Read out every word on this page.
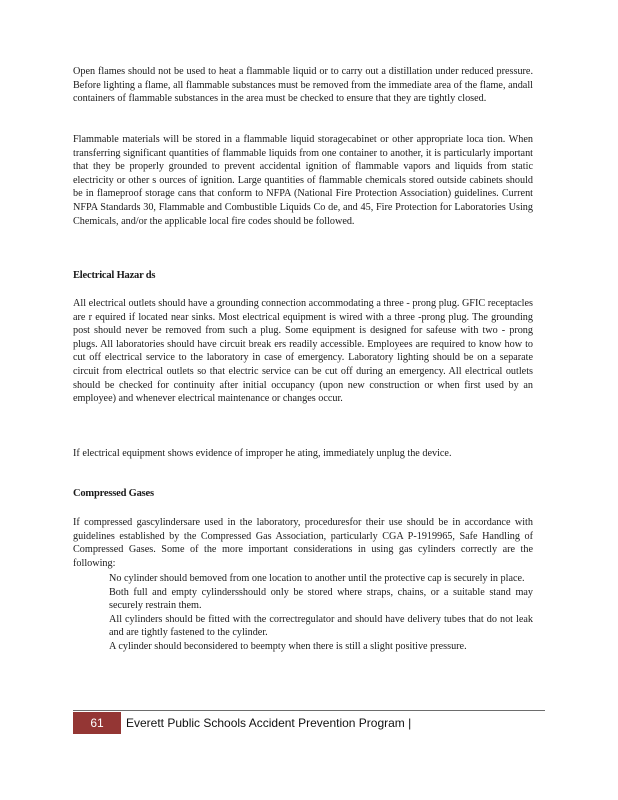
Open flames should not be used to heat a flammable liquid or to carry out a distillation under reduced pressure. Before lighting a flame, all flammable substances must be removed from the immediate area of the flame, andall containers of flammable substances in the area must be checked to ensure that they are tightly closed.

Flammable materials will be stored in a flammable liquid storagecabinet or other appropriate loca tion. When transferring significant quantities of flammable liquids from one container to another, it is particularly important that they be properly grounded to prevent accidental ignition of flammable vapors and liquids from static electricity or other s ources of ignition. Large quantities of flammable chemicals stored outside cabinets should be in flameproof storage cans that conform to NFPA (National Fire Protection Association) guidelines. Current NFPA Standards 30, Flammable and Combustible Liquids Co de, and 45, Fire Protection for Laboratories Using Chemicals, and/or the applicable local fire codes should be followed.

Electrical Hazar ds

All electrical outlets should have a grounding connection accommodating a three - prong plug. GFIC receptacles are r equired if located near sinks. Most electrical equipment is wired with a three -prong plug. The grounding post should never be removed from such a plug. Some equipment is designed for safeuse with two - prong plugs. All laboratories should have circuit break ers readily accessible. Employees are required to know how to cut off electrical service to the laboratory in case of emergency. Laboratory lighting should be on a separate circuit from electrical outlets so that electric service can be cut off during an emergency. All electrical outlets should be checked for continuity after initial occupancy (upon new construction or when first used by an employee) and whenever electrical maintenance or changes occur.

If electrical equipment shows evidence of improper he ating, immediately unplug the device.

Compressed Gases

If compressed gascylindersare used in the laboratory, proceduresfor their use should be in accordance with guidelines established by the Compressed Gas Association, particularly CGA P-1919965, Safe Handling of Compressed Gases. Some of the more important considerations in using gas cylinders correctly are the following:

No cylinder should bemoved from one location to another until the protective cap is securely in place.
Both full and empty cylindersshould only be stored where straps, chains, or a suitable stand may securely restrain them.
All cylinders should be fitted with the correctregulator and should have delivery tubes that do not leak and are tightly fastened to the cylinder.
A cylinder should beconsidered to beempty when there is still a slight positive pressure.
61	Everett Public Schools Accident Prevention Program |
